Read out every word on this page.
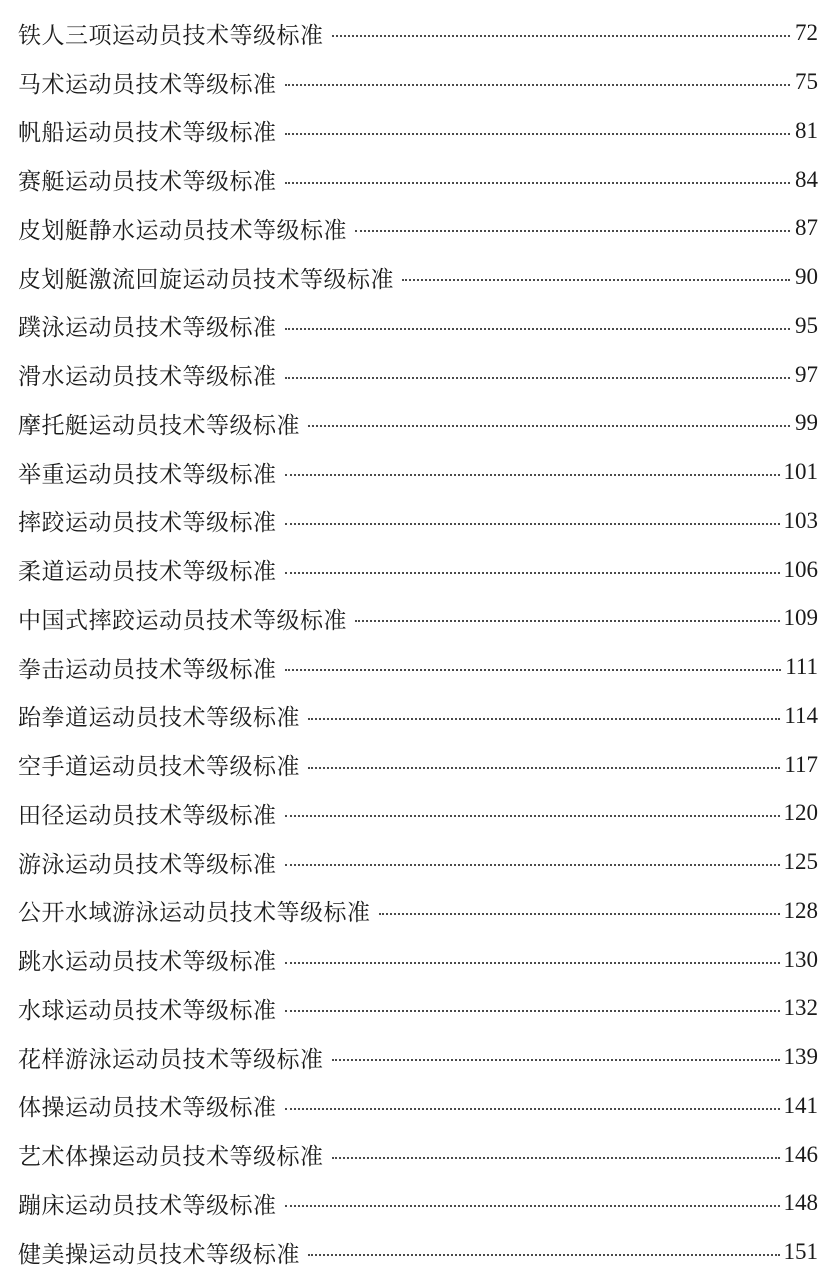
铁人三项运动员技术等级标准	72
马术运动员技术等级标准	75
帆船运动员技术等级标准	81
赛艇运动员技术等级标准	84
皮划艇静水运动员技术等级标准	87
皮划艇激流回旋运动员技术等级标准	90
蹼泳运动员技术等级标准	95
滑水运动员技术等级标准	97
摩托艇运动员技术等级标准	99
举重运动员技术等级标准	101
摔跤运动员技术等级标准	103
柔道运动员技术等级标准	106
中国式摔跤运动员技术等级标准	109
拳击运动员技术等级标准	111
跆拳道运动员技术等级标准	114
空手道运动员技术等级标准	117
田径运动员技术等级标准	120
游泳运动员技术等级标准	125
公开水域游泳运动员技术等级标准	128
跳水运动员技术等级标准	130
水球运动员技术等级标准	132
花样游泳运动员技术等级标准	139
体操运动员技术等级标准	141
艺术体操运动员技术等级标准	146
蹦床运动员技术等级标准	148
健美操运动员技术等级标准	151
